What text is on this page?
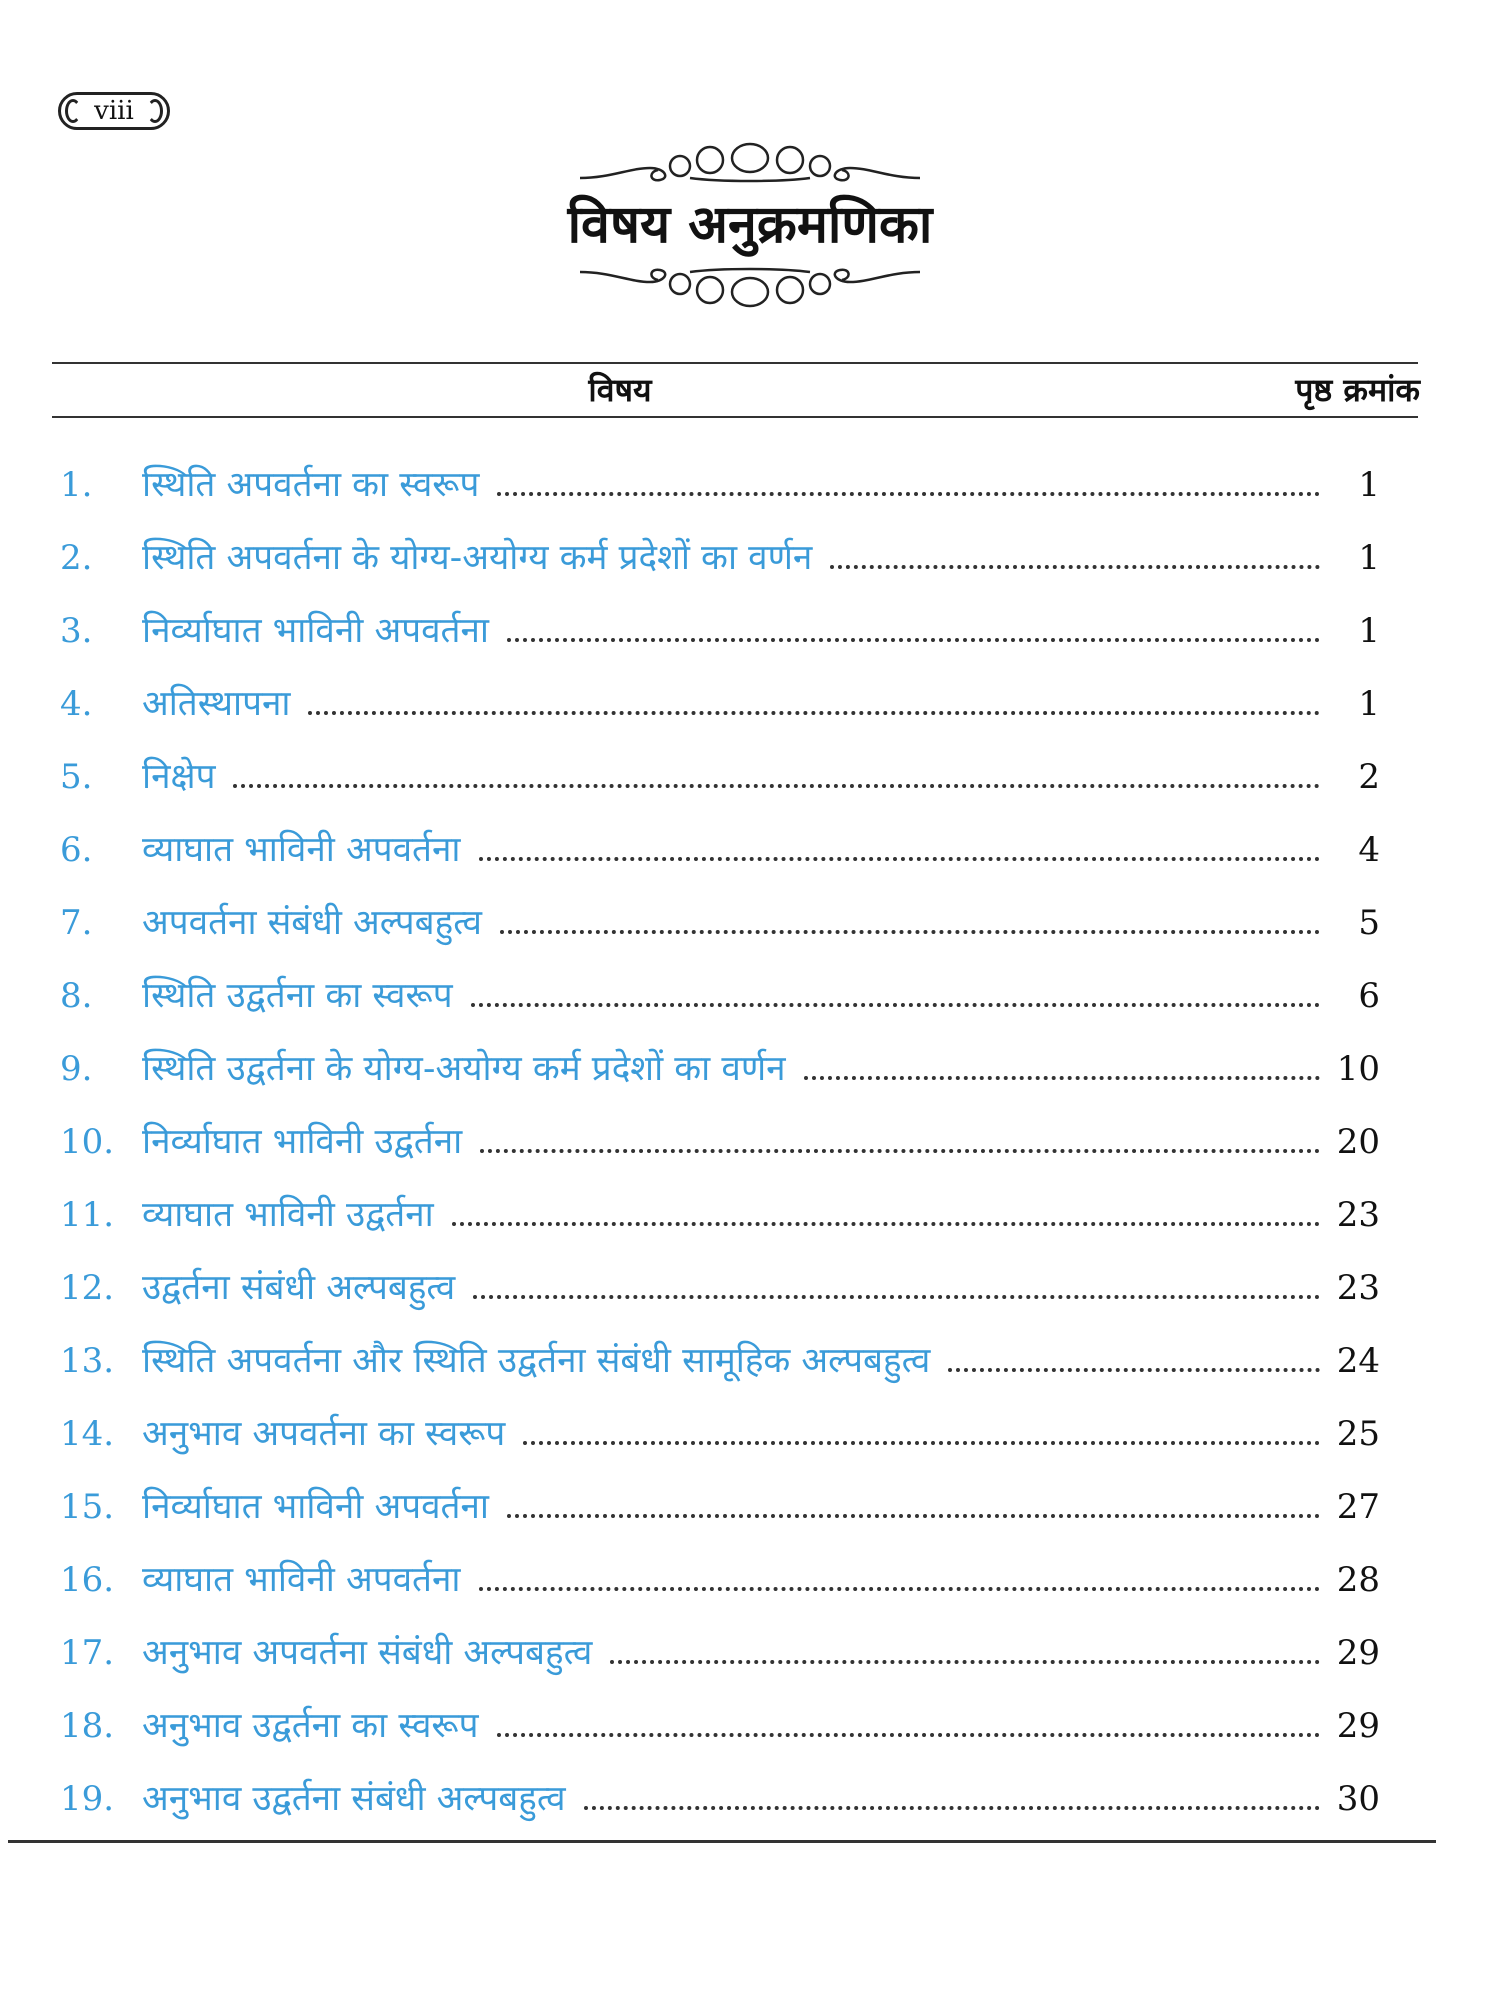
viii
विषय अनुक्रमणिका
विषय	पृष्ठ क्रमांक
1.	स्थिति अपवर्तना का स्वरूप	1
2.	स्थिति अपवर्तना के योग्य-अयोग्य कर्म प्रदेशों का वर्णन	1
3.	निर्व्याघात भाविनी अपवर्तना	1
4.	अतिस्थापना	1
5.	निक्षेप	2
6.	व्याघात भाविनी अपवर्तना	4
7.	अपवर्तना संबंधी अल्पबहुत्व	5
8.	स्थिति उद्वर्तना का स्वरूप	6
9.	स्थिति उद्वर्तना के योग्य-अयोग्य कर्म प्रदेशों का वर्णन	10
10. निर्व्याघात भाविनी उद्वर्तना	20
11. व्याघात भाविनी उद्वर्तना	23
12. उद्वर्तना संबंधी अल्पबहुत्व	23
13. स्थिति अपवर्तना और स्थिति उद्वर्तना संबंधी सामूहिक अल्पबहुत्व	24
14. अनुभाव अपवर्तना का स्वरूप	25
15. निर्व्याघात भाविनी अपवर्तना	27
16. व्याघात भाविनी अपवर्तना	28
17. अनुभाव अपवर्तना संबंधी अल्पबहुत्व	29
18. अनुभाव उद्वर्तना का स्वरूप	29
19. अनुभाव उद्वर्तना संबंधी अल्पबहुत्व	30
